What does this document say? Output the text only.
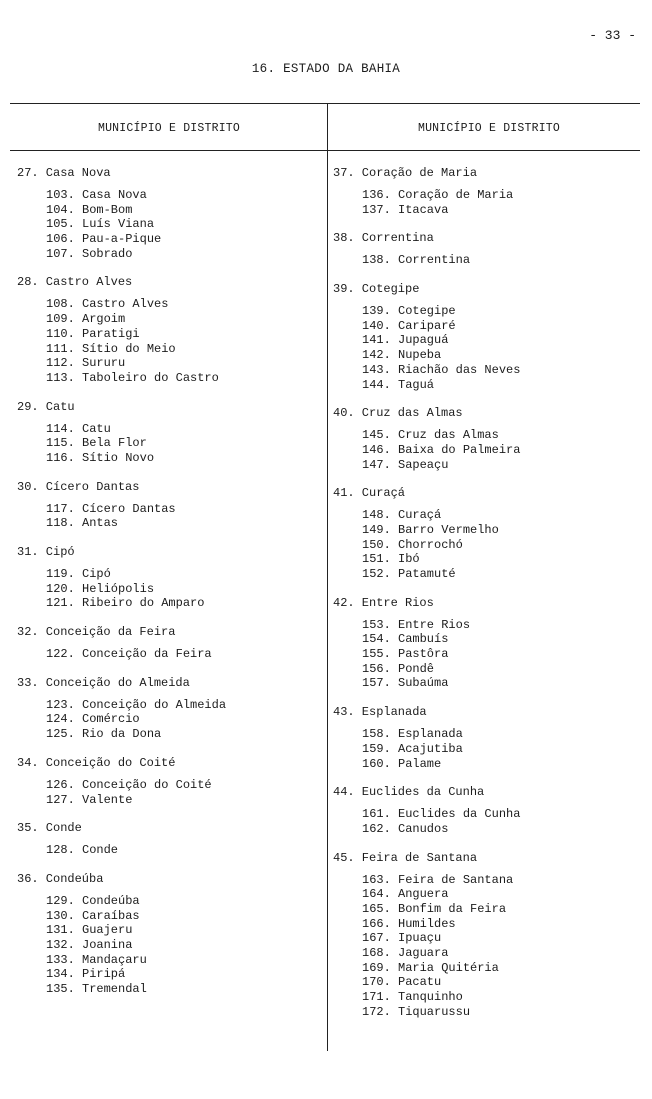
- 33 -
16. ESTADO DA BAHIA
MUNICÍPIO E DISTRITO	MUNICÍPIO E DISTRITO
27. Casa Nova
103. Casa Nova
104. Bom-Bom
105. Luís Viana
106. Pau-a-Pique
107. Sobrado
28. Castro Alves
108. Castro Alves
109. Argoim
110. Paratigi
111. Sítio do Meio
112. Sururu
113. Taboleiro do Castro
29. Catu
114. Catu
115. Bela Flor
116. Sítio Novo
30. Cícero Dantas
117. Cícero Dantas
118. Antas
31. Cipó
119. Cipó
120. Heliópolis
121. Ribeiro do Amparo
32. Conceição da Feira
122. Conceição da Feira
33. Conceição do Almeida
123. Conceição do Almeida
124. Comércio
125. Rio da Dona
34. Conceição do Coité
126. Conceição do Coité
127. Valente
35. Conde
128. Conde
36. Condeúba
129. Condeúba
130. Caraíbas
131. Guajeru
132. Joanina
133. Mandaçaru
134. Piripá
135. Tremendal
37. Coração de Maria
136. Coração de Maria
137. Itacava
38. Correntina
138. Correntina
39. Cotegipe
139. Cotegipe
140. Cariparé
141. Jupaguá
142. Nupeba
143. Riachão das Neves
144. Taguá
40. Cruz das Almas
145. Cruz das Almas
146. Baixa do Palmeira
147. Sapeaçu
41. Curaçá
148. Curaçá
149. Barro Vermelho
150. Chorrochó
151. Ibó
152. Patamuté
42. Entre Rios
153. Entre Rios
154. Cambuís
155. Pastôra
156. Pondê
157. Subaúma
43. Esplanada
158. Esplanada
159. Acajutiba
160. Palame
44. Euclides da Cunha
161. Euclides da Cunha
162. Canudos
45. Feira de Santana
163. Feira de Santana
164. Anguera
165. Bonfim da Feira
166. Humildes
167. Ipuaçu
168. Jaguara
169. Maria Quitéria
170. Pacatu
171. Tanquinho
172. Tiquarussu
